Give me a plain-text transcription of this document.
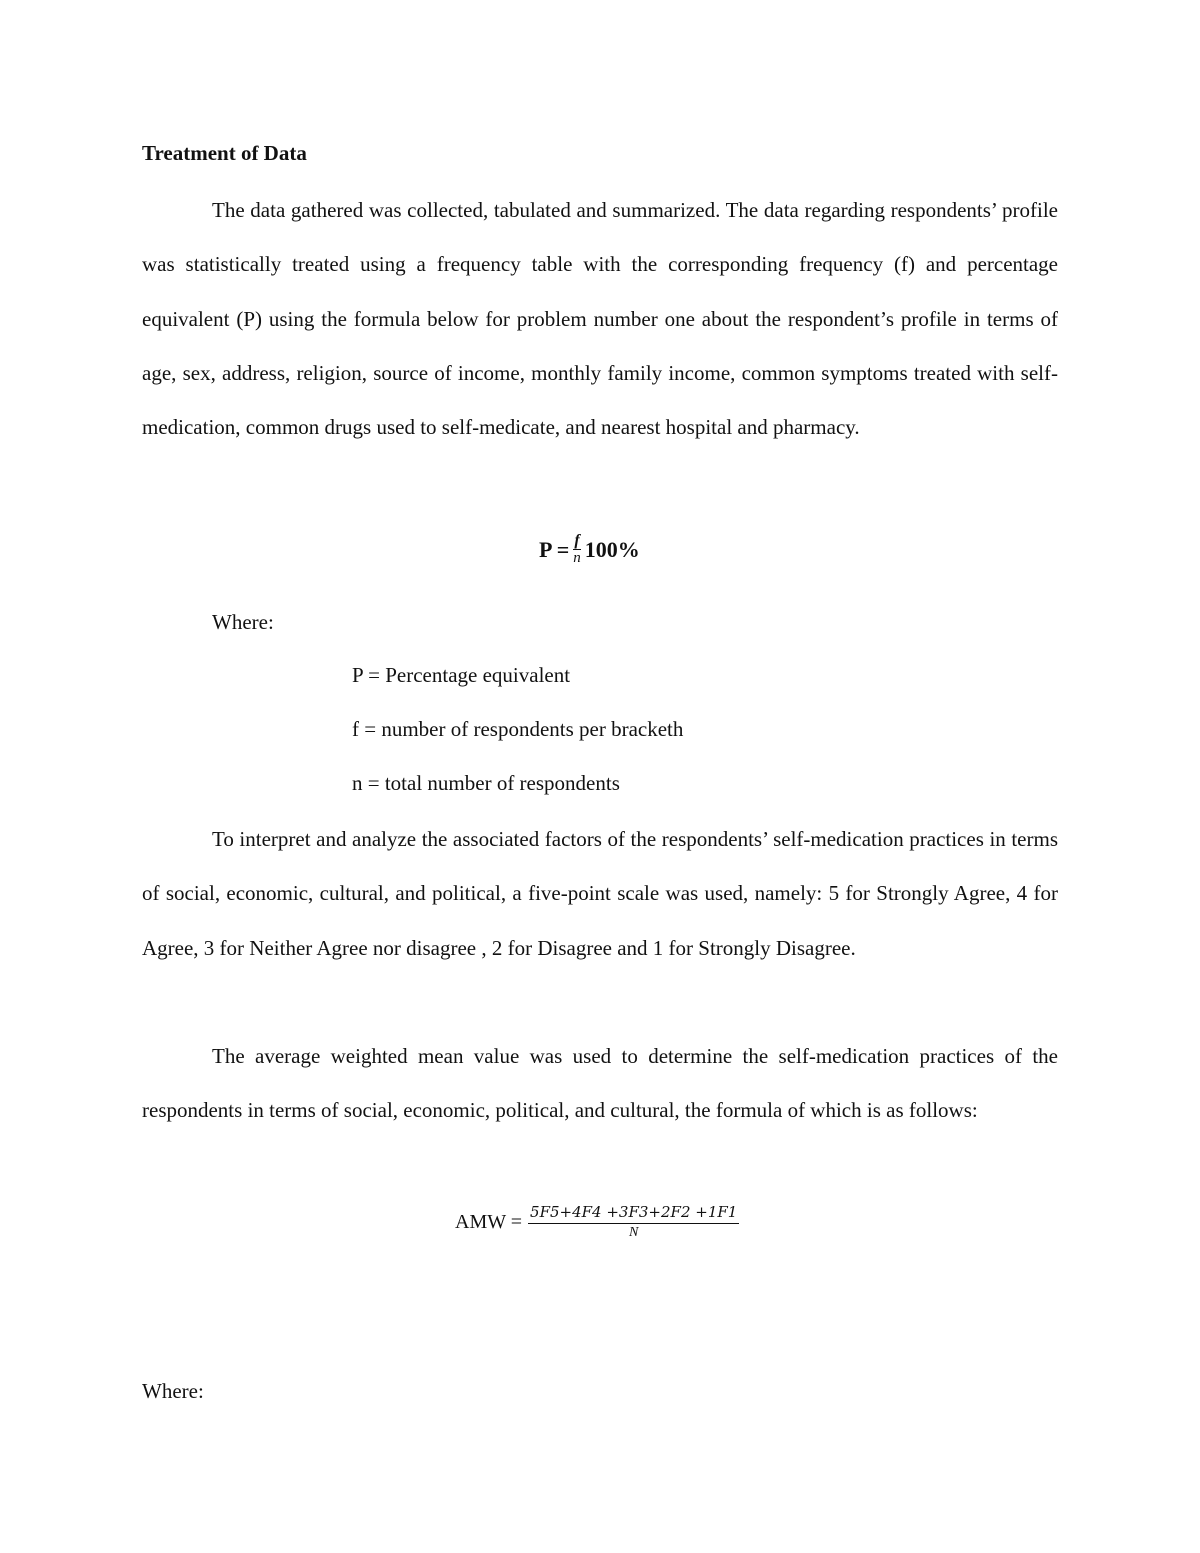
Treatment of Data
The data gathered was collected, tabulated and summarized. The data regarding respondents’ profile was statistically treated using a frequency table with the corresponding frequency (f) and percentage equivalent (P) using the formula below for problem number one about the respondent’s profile in terms of age, sex, address, religion, source of income, monthly family income, common symptoms treated with self-medication, common drugs used to self-medicate, and nearest hospital and pharmacy.
$P = \frac{f}{n} 100\%$
Where:
P = Percentage equivalent
f = number of respondents per bracketh
n = total number of respondents
To interpret and analyze the associated factors of the respondents’ self-medication practices in terms of social, economic, cultural, and political, a five-point scale was used, namely: 5 for Strongly Agree, 4 for Agree, 3 for Neither Agree nor disagree , 2 for Disagree and 1 for Strongly Disagree.
The average weighted mean value was used to determine the self-medication practices of the respondents in terms of social, economic, political, and cultural, the formula of which is as follows:
AMW = $\frac{5F5+4F4 +3F3+2F2 +1F1}{N}$
Where:
